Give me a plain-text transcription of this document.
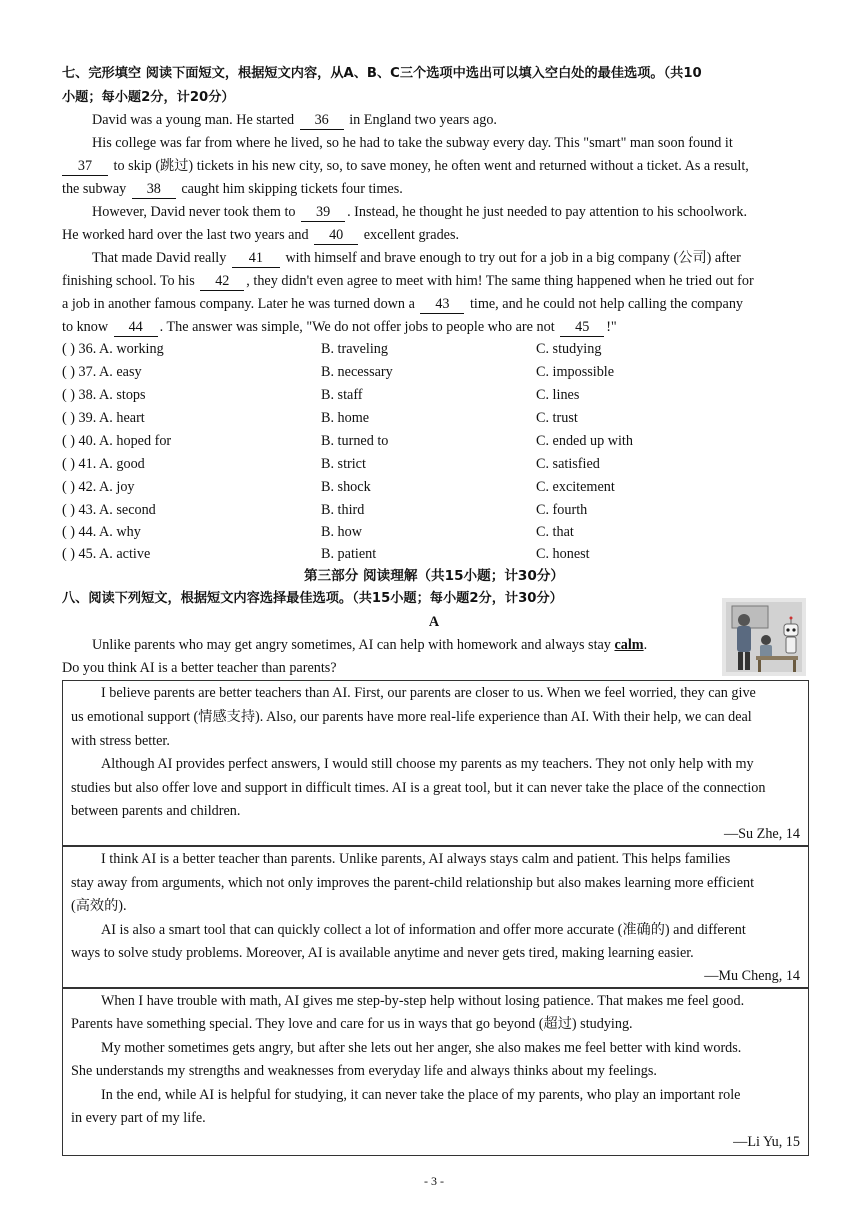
七、完形填空 阅读下面短文，根据短文内容，从A、B、C三个选项中选出可以填入空白处的最佳选项。（共10
小题；每小题2分，计20分）
David was a young man. He started 36 in England two years ago.
His college was far from where he lived, so he had to take the subway every day. This "smart" man soon found it
37 to skip (跳过) tickets in his new city, so, to save money, he often went and returned without a ticket. As a result,
the subway 38 caught him skipping tickets four times.
However, David never took them to 39 . Instead, he thought he just needed to pay attention to his schoolwork.
He worked hard over the last two years and 40 excellent grades.
That made David really 41 with himself and brave enough to try out for a job in a big company (公司) after
finishing school. To his 42 , they didn't even agree to meet with him! The same thing happened when he tried out for
a job in another famous company. Later he was turned down a 43 time, and he could not help calling the company
to know 44 . The answer was simple, "We do not offer jobs to people who are not 45 !"
( ) 36. A. working	B. traveling	C. studying
( ) 37. A. easy	B. necessary	C. impossible
( ) 38. A. stops	B. staff	C. lines
( ) 39. A. heart	B. home	C. trust
( ) 40. A. hoped for	B. turned to	C. ended up with
( ) 41. A. good	B. strict	C. satisfied
( ) 42. A. joy	B. shock	C. excitement
( ) 43. A. second	B. third	C. fourth
( ) 44. A. why	B. how	C. that
( ) 45. A. active	B. patient	C. honest
第三部分 阅读理解（共15小题；计30分）
八、阅读下列短文，根据短文内容选择最佳选项。（共15小题；每小题2分，计30分）
A
Unlike parents who may get angry sometimes, AI can help with homework and always stay calm.
Do you think AI is a better teacher than parents?
I believe parents are better teachers than AI. First, our parents are closer to us. When we feel worried, they can give
us emotional support (情感支持). Also, our parents have more real-life experience than AI. With their help, we can deal
with stress better.
Although AI provides perfect answers, I would still choose my parents as my teachers. They not only help with my
studies but also offer love and support in difficult times. AI is a great tool, but it can never take the place of the connection
between parents and children.
—Su Zhe, 14
I think AI is a better teacher than parents. Unlike parents, AI always stays calm and patient. This helps families
stay away from arguments, which not only improves the parent-child relationship but also makes learning more efficient
(高效的).
AI is also a smart tool that can quickly collect a lot of information and offer more accurate (准确的) and different
ways to solve study problems. Moreover, AI is available anytime and never gets tired, making learning easier.
—Mu Cheng, 14
When I have trouble with math, AI gives me step-by-step help without losing patience. That makes me feel good.
Parents have something special. They love and care for us in ways that go beyond (超过) studying.
My mother sometimes gets angry, but after she lets out her anger, she also makes me feel better with kind words.
She understands my strengths and weaknesses from everyday life and always thinks about my feelings.
In the end, while AI is helpful for studying, it can never take the place of my parents, who play an important role
in every part of my life.
—Li Yu, 15
- 3 -
